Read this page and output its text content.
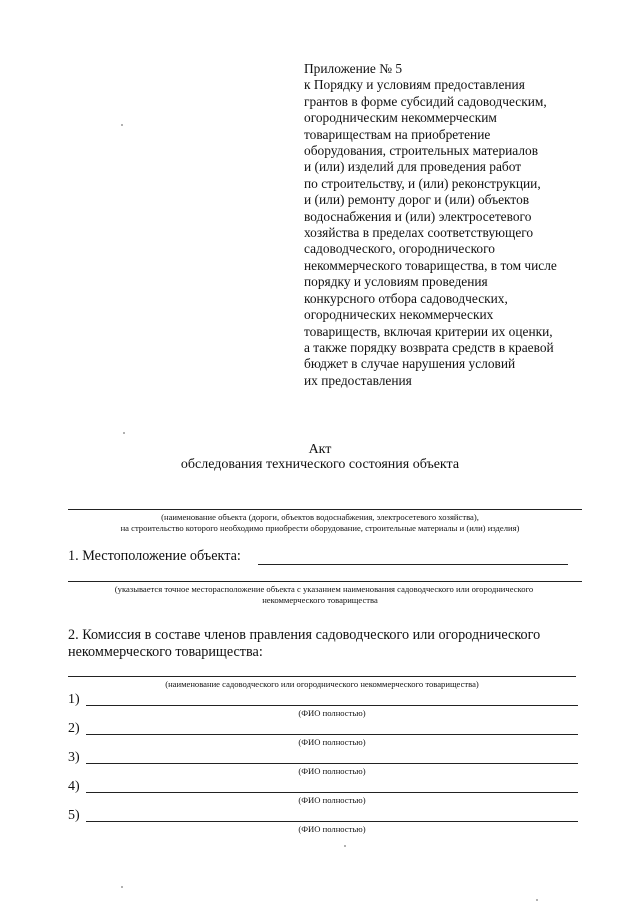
Приложение № 5
к Порядку и условиям предоставления
грантов в форме субсидий садоводческим,
огородническим некоммерческим
товариществам на приобретение
оборудования, строительных материалов
и (или) изделий для проведения работ
по строительству, и (или) реконструкции,
и (или) ремонту дорог и (или) объектов
водоснабжения и (или) электросетевого
хозяйства в пределах соответствующего
садоводческого, огороднического
некоммерческого товарищества, в том числе
порядку и условиям проведения
конкурсного отбора садоводческих,
огороднических некоммерческих
товариществ, включая критерии их оценки,
а также порядку возврата средств в краевой
бюджет в случае нарушения условий
их предоставления
Акт
обследования технического состояния объекта
(наименование объекта (дороги, объектов водоснабжения, электросетевого хозяйства),
на строительство которого необходимо приобрести оборудование, строительные материалы и (или) изделия)
1. Местоположение объекта:
(указывается точное месторасположение объекта с указанием наименования садоводческого или огороднического
некоммерческого товарищества
2. Комиссия в составе членов правления садоводческого или огороднического
некоммерческого товарищества:
(наименование садоводческого или огороднического некоммерческого товарищества)
1)
(ФИО полностью)
2)
(ФИО полностью)
3)
(ФИО полностью)
4)
(ФИО полностью)
5)
(ФИО полностью)
